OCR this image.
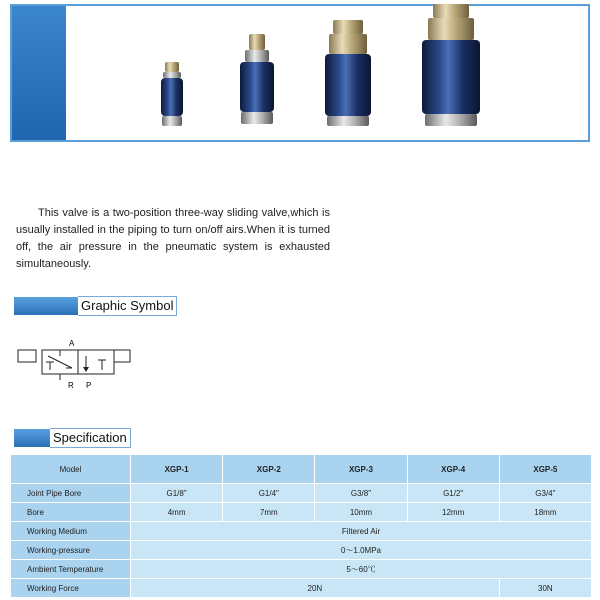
This valve is a two-position three-way sliding valve,which is usually installed in the piping to turn on/off airs.When it is turned off, the air pressure in the pneumatic system is exhausted simultaneously.
Graphic Symbol
A
R P
Specification
Model	XGP-1	XGP-2	XGP-3	XGP-4	XGP-5
Joint Pipe Bore	G1/8"	G1/4"	G3/8"	G1/2"	G3/4"
Bore	4mm	7mm	10mm	12mm	18mm
Working Medium	Filtered Air				
Working-pressure	0～1.0MPa				
Ambient Temperature	5～60℃				
Working Force	20N				30N
